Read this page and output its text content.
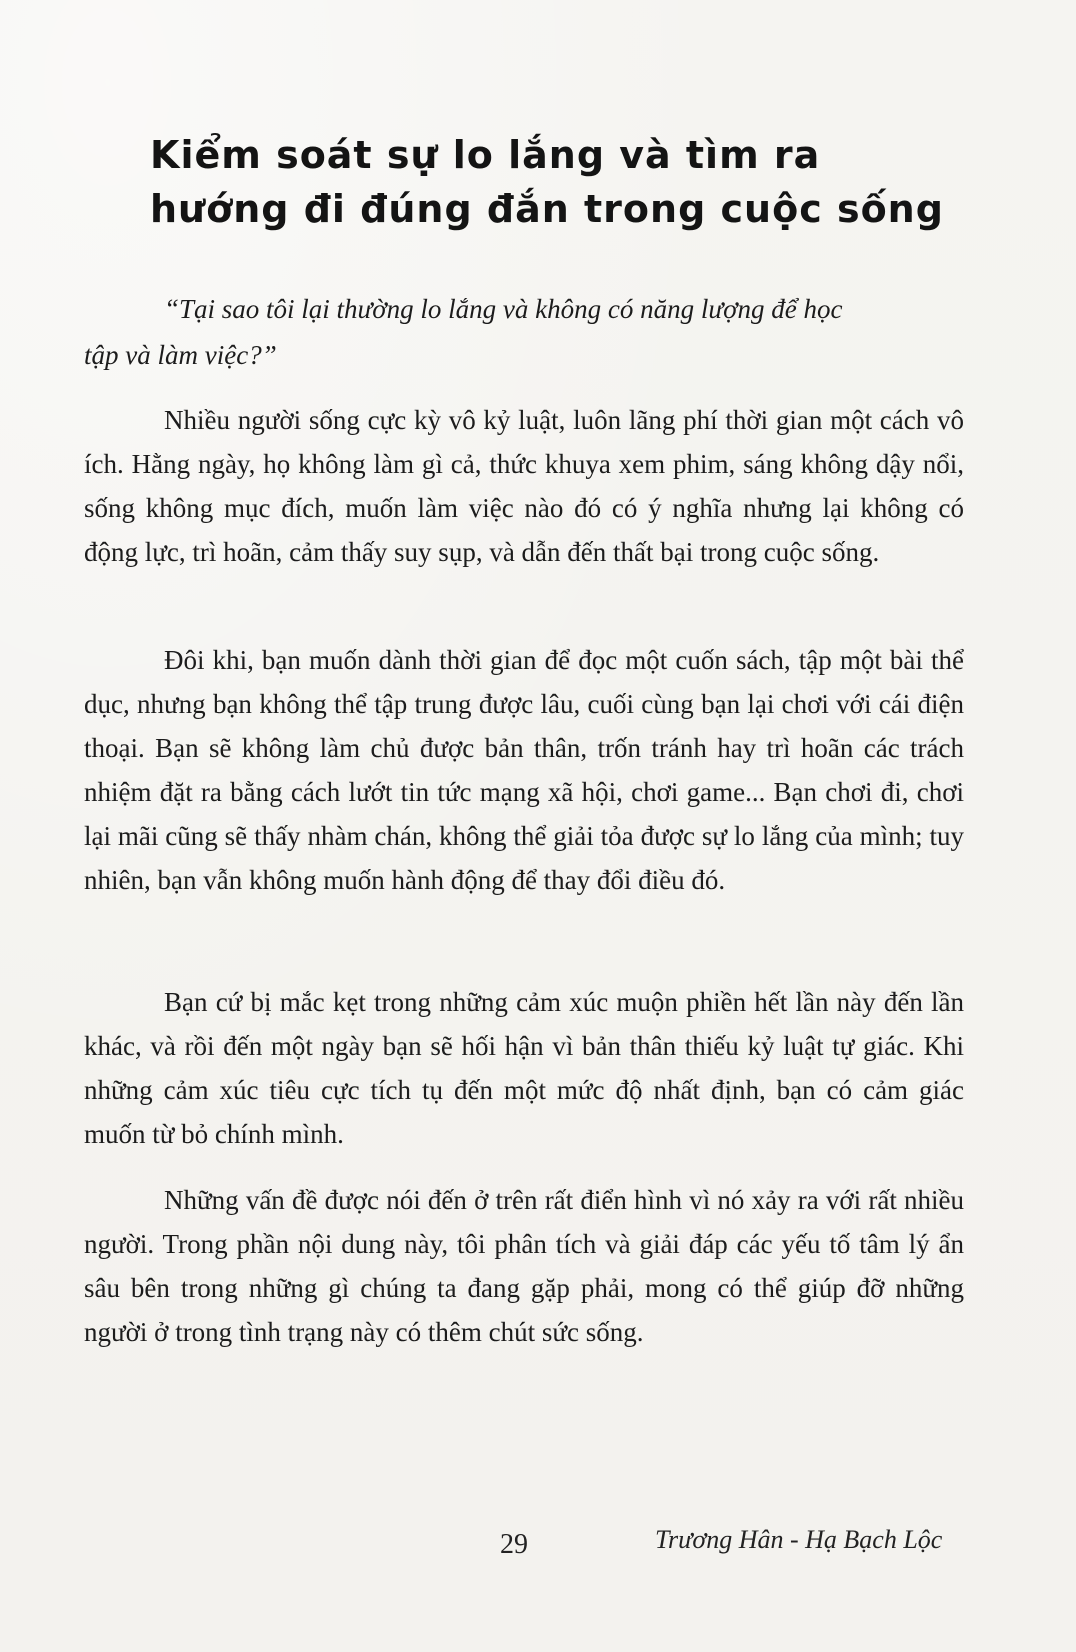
Kiểm soát sự lo lắng và tìm ra
hướng đi đúng đắn trong cuộc sống
“Tại sao tôi lại thường lo lắng và không có năng lượng để học
tập và làm việc?”

Nhiều người sống cực kỳ vô kỷ luật, luôn lãng phí thời gian một cách vô ích. Hằng ngày, họ không làm gì cả, thức khuya xem phim, sáng không dậy nổi, sống không mục đích, muốn làm việc nào đó có ý nghĩa nhưng lại không có động lực, trì hoãn, cảm thấy suy sụp, và dẫn đến thất bại trong cuộc sống.

Đôi khi, bạn muốn dành thời gian để đọc một cuốn sách, tập một bài thể dục, nhưng bạn không thể tập trung được lâu, cuối cùng bạn lại chơi với cái điện thoại. Bạn sẽ không làm chủ được bản thân, trốn tránh hay trì hoãn các trách nhiệm đặt ra bằng cách lướt tin tức mạng xã hội, chơi game... Bạn chơi đi, chơi lại mãi cũng sẽ thấy nhàm chán, không thể giải tỏa được sự lo lắng của mình; tuy nhiên, bạn vẫn không muốn hành động để thay đổi điều đó.

Bạn cứ bị mắc kẹt trong những cảm xúc muộn phiền hết lần này đến lần khác, và rồi đến một ngày bạn sẽ hối hận vì bản thân thiếu kỷ luật tự giác. Khi những cảm xúc tiêu cực tích tụ đến một mức độ nhất định, bạn có cảm giác muốn từ bỏ chính mình.

Những vấn đề được nói đến ở trên rất điển hình vì nó xảy ra với rất nhiều người. Trong phần nội dung này, tôi phân tích và giải đáp các yếu tố tâm lý ẩn sâu bên trong những gì chúng ta đang gặp phải, mong có thể giúp đỡ những người ở trong tình trạng này có thêm chút sức sống.

29	Trương Hân - Hạ Bạch Lộc
